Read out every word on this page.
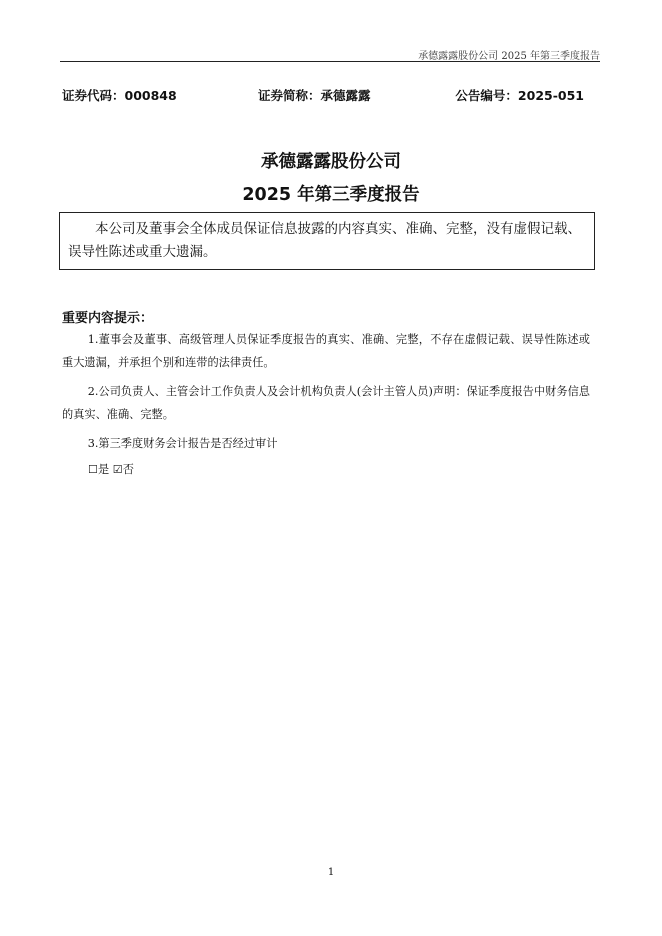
承德露露股份公司 2025 年第三季度报告
证券代码：000848	证券简称：承德露露	公告编号：2025-051
承德露露股份公司
2025 年第三季度报告
本公司及董事会全体成员保证信息披露的内容真实、准确、完整，没有虚假记载、误导性陈述或重大遗漏。
重要内容提示：
1.董事会及董事、高级管理人员保证季度报告的真实、准确、完整，不存在虚假记载、误导性陈述或重大遗漏，并承担个别和连带的法律责任。
2.公司负责人、主管会计工作负责人及会计机构负责人(会计主管人员)声明：保证季度报告中财务信息的真实、准确、完整。
3.第三季度财务会计报告是否经过审计
☐是 ☑否
1
